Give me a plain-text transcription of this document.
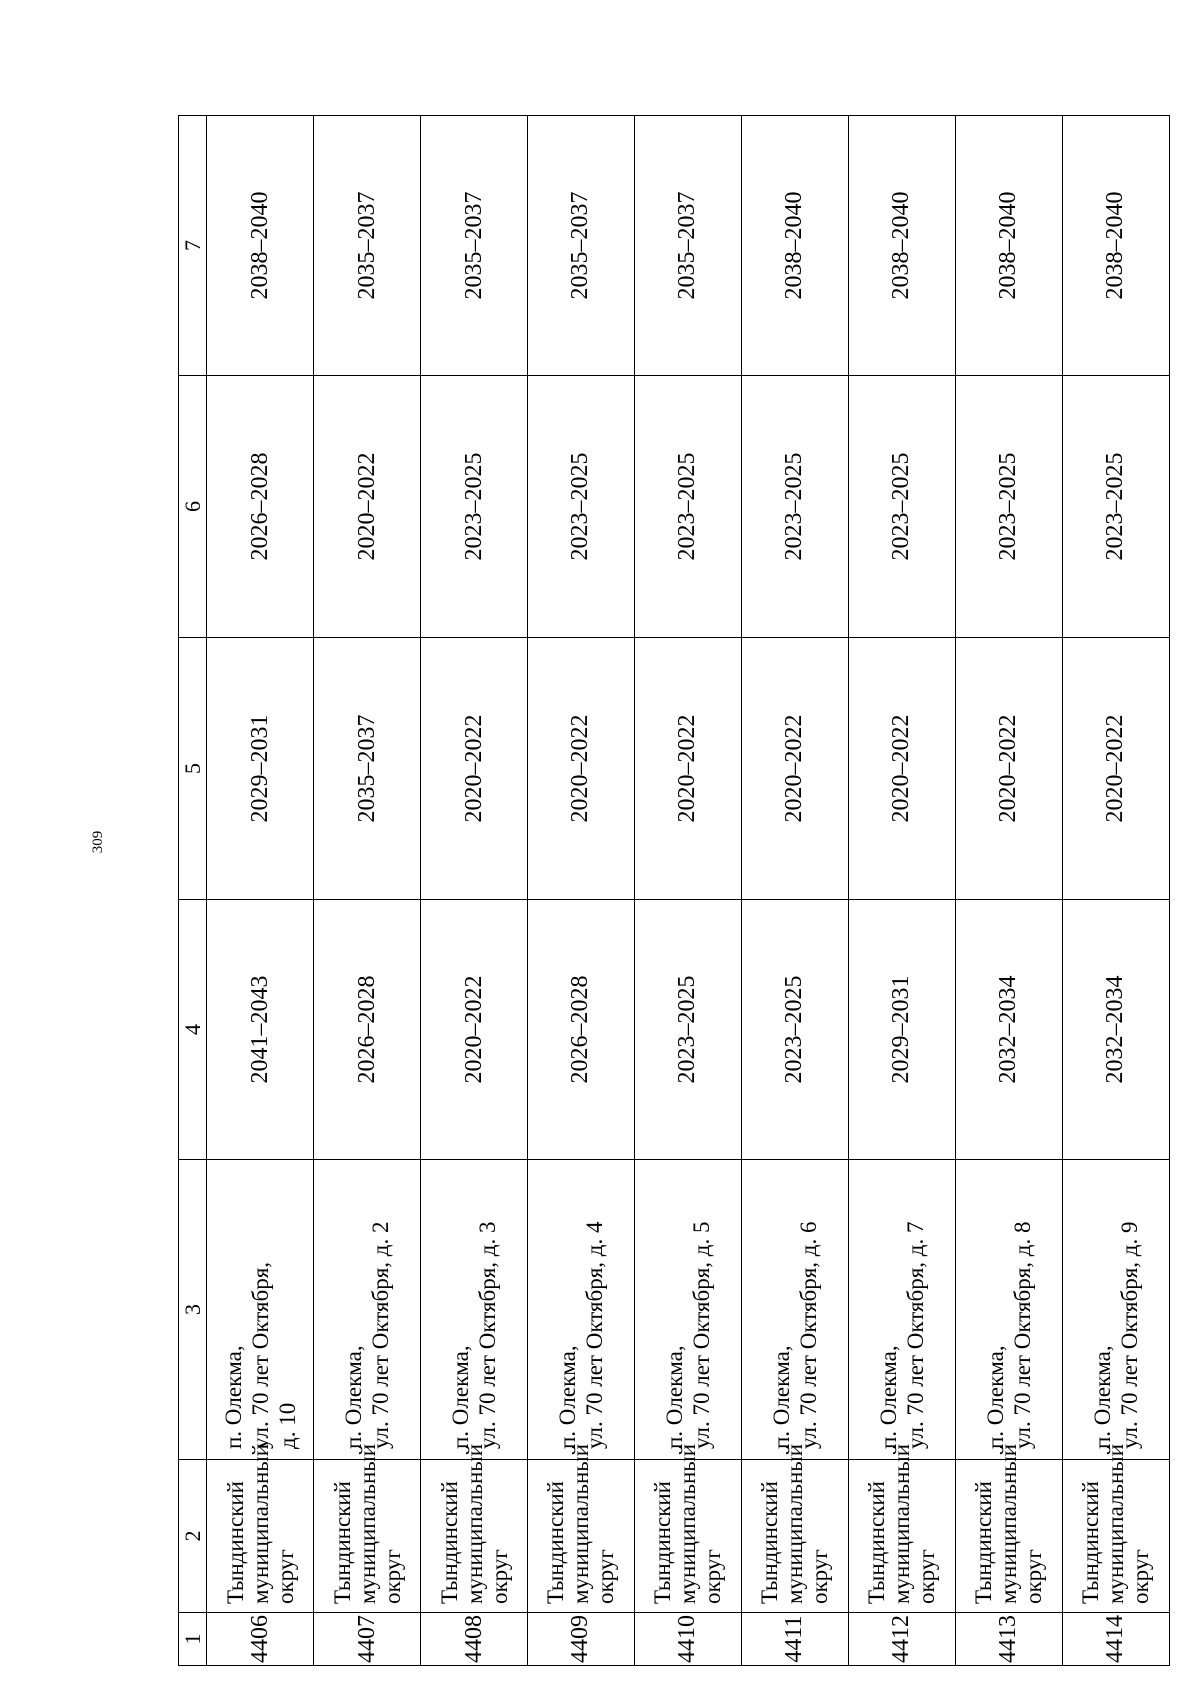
309
1	2	3	4	5	6	7
4406	Тындинский муниципальный округ	п. Олекма, ул. 70 лет Октября, д. 10	2041–2043	2029–2031	2026–2028	2038–2040
4407	Тындинский муниципальный округ	п. Олекма, ул. 70 лет Октября, д. 2	2026–2028	2035–2037	2020–2022	2035–2037
4408	Тындинский муниципальный округ	п. Олекма, ул. 70 лет Октября, д. 3	2020–2022	2020–2022	2023–2025	2035–2037
4409	Тындинский муниципальный округ	п. Олекма, ул. 70 лет Октября, д. 4	2026–2028	2020–2022	2023–2025	2035–2037
4410	Тындинский муниципальный округ	п. Олекма, ул. 70 лет Октября, д. 5	2023–2025	2020–2022	2023–2025	2035–2037
4411	Тындинский муниципальный округ	п. Олекма, ул. 70 лет Октября, д. 6	2023–2025	2020–2022	2023–2025	2038–2040
4412	Тындинский муниципальный округ	п. Олекма, ул. 70 лет Октября, д. 7	2029–2031	2020–2022	2023–2025	2038–2040
4413	Тындинский муниципальный округ	п. Олекма, ул. 70 лет Октября, д. 8	2032–2034	2020–2022	2023–2025	2038–2040
4414	Тындинский муниципальный округ	п. Олекма, ул. 70 лет Октября, д. 9	2032–2034	2020–2022	2023–2025	2038–2040
